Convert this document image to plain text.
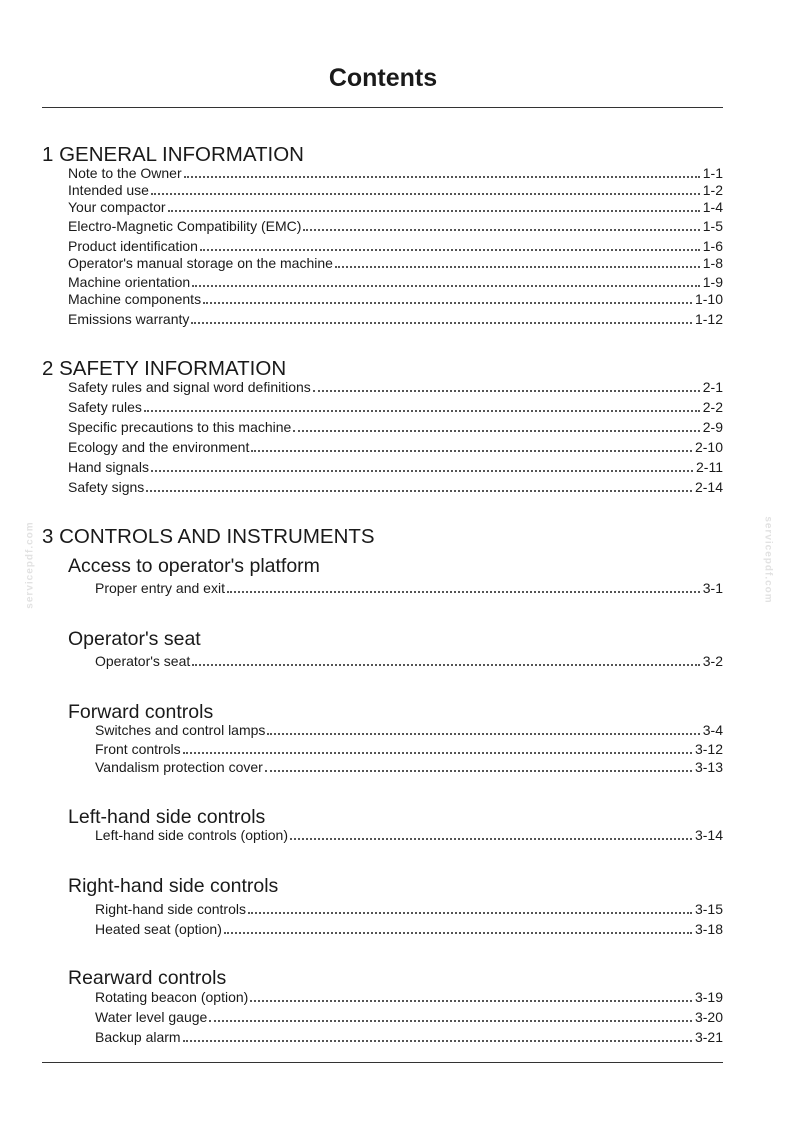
Contents
1 GENERAL INFORMATION
Note to the Owner	1-1
Intended use	1-2
Your compactor	1-4
Electro-Magnetic Compatibility (EMC)	1-5
Product identification	1-6
Operator's manual storage on the machine	1-8
Machine orientation	1-9
Machine components	1-10
Emissions warranty	1-12
2 SAFETY INFORMATION
Safety rules and signal word definitions	2-1
Safety rules	2-2
Specific precautions to this machine	2-9
Ecology and the environment	2-10
Hand signals	2-11
Safety signs	2-14
3 CONTROLS AND INSTRUMENTS
Access to operator's platform
Proper entry and exit	3-1
Operator's seat
Operator's seat	3-2
Forward controls
Switches and control lamps	3-4
Front controls	3-12
Vandalism protection cover	3-13
Left-hand side controls
Left-hand side controls (option)	3-14
Right-hand side controls
Right-hand side controls	3-15
Heated seat (option)	3-18
Rearward controls
Rotating beacon (option)	3-19
Water level gauge	3-20
Backup alarm	3-21
servicepdf.com	servicepdf.com
